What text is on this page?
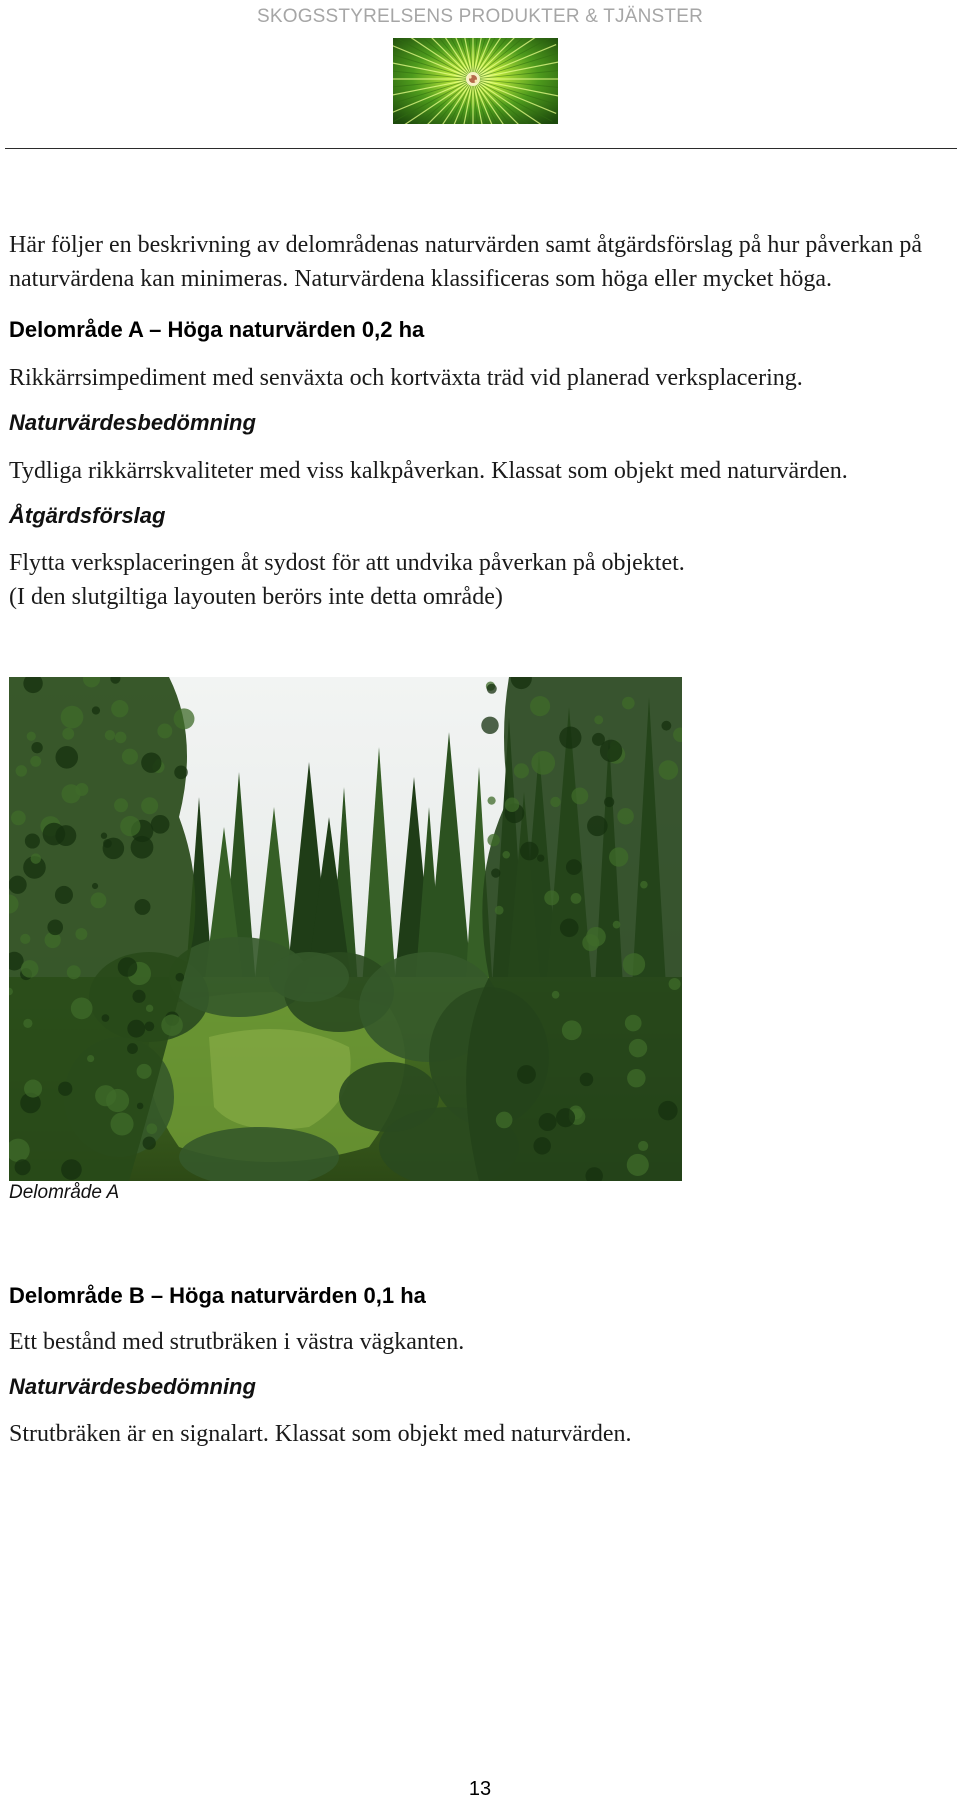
SKOGSSTYRELSENS PRODUKTER & TJÄNSTER

Här följer en beskrivning av delområdenas naturvärden samt åtgärdsförslag på hur påverkan på naturvärdena kan minimeras. Naturvärdena klassificeras som höga eller mycket höga.

Delområde A – Höga naturvärden 0,2 ha

Rikkärrsimpediment med senväxta och kortväxta träd vid planerad verksplacering.

Naturvärdesbedömning

Tydliga rikkärrskvaliteter med viss kalkpåverkan. Klassat som objekt med naturvärden.

Åtgärdsförslag

Flytta verksplaceringen åt sydost för att undvika påverkan på objektet.

(I den slutgiltiga layouten berörs inte detta område)

Delområde A

Delområde B – Höga naturvärden 0,1 ha

Ett bestånd med strutbräken i västra vägkanten.

Naturvärdesbedömning

Strutbräken är en signalart. Klassat som objekt med naturvärden.

13
